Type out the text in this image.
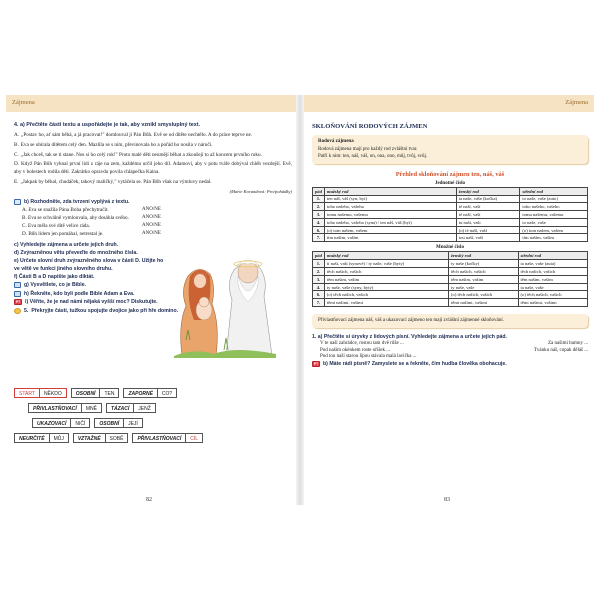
Zájmena
4. a) Přečtěte části textu a uspořádejte je tak, aby vznikl smysluplný text.

A. „Postav ho, ať sám běhá, a já pracovat!" domlouval ji Pán Bůh. Evě se od dítěte nechtělo. A do práce teprve ne.

B. Eva se obírala dítětem celý den. Mazlila se s ním, převinovala ho a pořád ho nosila v náručí.

C. „Jak chceš, tak se ti stane. Nos si ho celý rok!" Proto malé děti neumějí běhat a zkoušejí to až koncem prvního roku.

D. Když Pán Bůh vyhnal první lidi z ráje na zem, každému určil jeho díl. Adamovi, aby v potu tváře dobýval chléb vezdejší. Evě, aby v bolestech rodila děti. Zakrátko opravdu povila chlapečka Kaina.

E. „Jakpak by běhal, chudáček, takový maličký," vytáčela se. Pán Bůh však na výmluvy nedal.

(Marie Korandová: Pro/pohádky)
b) Rozhodněte, zda tvrzení vyplývá z textu.
A. Eva se snažila Pána Boha přechytračit.	ANO/NE
B. Eva se schválně vymlouvala, aby dosáhla svého.	ANO/NE
C. Eva měla své dítě velice ráda.	ANO/NE
D. Bůh lidem jen pomáhal, netrestal je.	ANO/NE
c) Vyhledejte zájmena a určete jejich druh.
d) Zvýrazněnou větu převeďte do množného čísla.
e) Určete slovní druh zvýrazněného slova v části D. Užijte ho ve větě ve funkci jiného slovního druhu.
f) Části B a D napište jako diktát.
g) Vysvětlete, co je Bible.
h) Řekněte, kdo byli podle Bible Adam a Eva.
PT i) Věříte, že je nad námi nějaká vyšší moc? Diskutujte.
5. Překryjte části, tužkou spojujte dvojice jako při hře domino.
START	NĚKDO	OSOBNÍ	TEN	ZAPORNÉ	CO?
PŘIVLASTŇOVACÍ	MNĚ	TÁZACÍ	JENŽ
UKAZOVACÍ	NIČÍ	OSOBNÍ	JEJÍ
NEURČITÉ	MŮJ	VZTAŽNÉ	SOBĚ	PŘIVLASTŇOVACÍ	CÍL
82
Zájmena
SKLOŇOVÁNÍ RODOVÝCH ZÁJMEN
Rodová zájmena
Rodová zájmena mají pro každý rod zvláštní tvar.
Patří k nim: ten, náš, váš, on, ona, ono, můj, tvůj, svůj.
Přehled skloňování zájmen ten, náš, váš
Jednotné číslo
pád	mužský rod	ženský rod	střední rod
1.	ten náš, váš (syn, byt)	ta naše, váše (kočka)	to naše, vaše (auto)
2.	toho našeho, vašeho	té naší, vaší	toho našeho, vašeho
3.	tomu našemu, vašemu	té naší, vaší	tomu našemu, vašemu
4.	toho našeho, vašeho (syna) / ten náš, váš (byt)	tu naši, vaši	to naše, vaše
6.	(o) tom našem, vašem	(o) té naší, vaší	(o) tom našem, vašem
7.	tím naším, vaším	tou naší, vaší	tím naším, vaším
Množné číslo
pád	mužský rod	ženský rod	střední rod
1.	ti naši, vaši (synové) / ty naše, vaše (byty)	ty naše (kočky)	ta naše, vaše (auta)
2.	těch našich, vašich	těch našich, vašich	těch našich, vašich
3.	těm našim, vašim	těm našim, vašim	těm našim, vašim
4.	ty naše, vaše (syny, byty)	ty naše, vaše	ta naše, vaše
6.	(o) těch našich, vašich	(o) těch našich, vašich	(o) těch našich, vašich
7.	těmi našimi, vašimi	těmi našimi, vašimi	těmi našimi, vašimi
Přivlastňovací zájmena náš, váš a ukazovací zájmeno ten mají zvláštní zájmenné skloňování.
1. a) Přečtěte si úryvky z lidových písní. Vyhledejte zájmena a určete jejich pád.
V te naší zahrádce, rostou tam dvě růže ...	Za našimi humny ...
Pod našim okénkem roste oříšek ...	Tvánku náš, copak děláš ...
Pod tou naší starou lípou stávala malá lavička ...
PT b) Máte rádi písně? Zamyslete se a řekněte, čím hudba člověka obohacuje.
83
